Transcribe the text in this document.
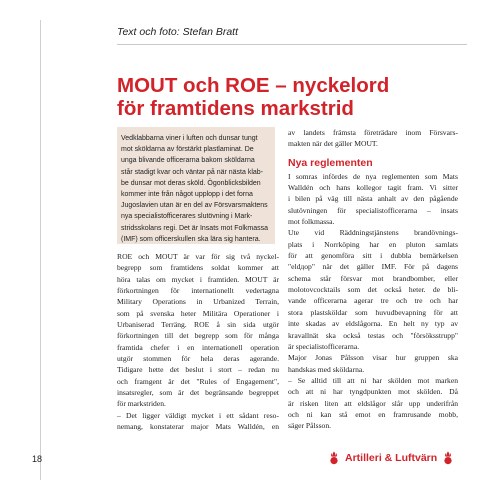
Text och foto: Stefan Bratt
MOUT och ROE – nyckelord
för framtidens markstrid
Vedklabbarna viner i luften och dunsar tungt
mot sköldarna av förstärkt plastlaminat. De
unga blivande officerarna bakom sköldarna
står stadigt kvar och väntar på när nästa klab-
be dunsar mot deras sköld. Ögonblicksbilden
kommer inte från något upplopp i det forna
Jugoslavien utan är en del av Försvarsmaktens
nya specialistofficerares slutövning i Mark-
stridsskolans regi. Det är Insats mot Folkmassa
(IMF) som officerskullen ska lära sig hantera.
ROE och MOUT är var för sig två nyckel-
begrepp som framtidens soldat kommer att
höra talas om mycket i framtiden. MOUT är
förkortningen för internationellt vedertagna
Military Operations in Urbanized Terrain,
som på svenska heter Militära Operationer i
Urbaniserad Terräng. ROE å sin sida utgör
förkortningen till det begrepp som för många
framtida chefer i en internationell operation
utgör stommen för hela deras agerande.
Tidigare hette det beslut i stort – redan nu
och framgent är det "Rules of Engagement",
insatsregler, som är det begränsande begreppet
för markstriden.
– Det ligger väldigt mycket i ett sådant reso-
nemang, konstaterar major Mats Walldén, en
av landets främsta företrädare inom Försvars-
makten när det gäller MOUT.
Nya reglementen
I somras infördes de nya reglementen som Mats
Walldén och hans kollegor tagit fram. Vi sitter
i bilen på väg till nästa anhalt av den pågående
slutövningen för specialistofficerarna – insats
mot folkmassa.
Ute vid Räddningstjänstens brandövnings-
plats i Norrköping har en pluton samlats
för att genomföra sitt i dubbla bemärkelsen
"eldдop" när det gäller IMF. För på dagens
schema står försvar mot brandbomber, eller
molotovcocktails som det också heter. de bli-
vande officerarna agerar tre och tre och har
stora plastsköldar som huvudbevapning för att
inte skadas av eldslågorna. En helt ny typ av
kravallnät ska också testas och "försöksstrupp"
är specialistofficerarna.
Major Jonas Pålsson visar hur gruppen ska
handskas med sköldarna.
– Se alltid till att ni har skölden mot marken
och att ni har tyngdpunkten mot skölden. Då
är risken liten att eldslågor slår upp underifrån
och ni kan stå emot en framrusande mobb,
säger Pålsson.
18	Artilleri & Luftvärn
